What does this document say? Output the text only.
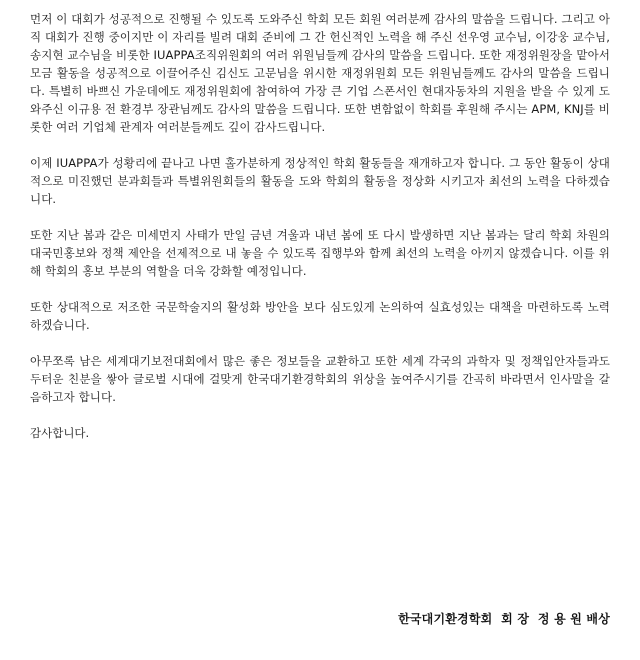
먼저 이 대회가 성공적으로 진행될 수 있도록 도와주신 학회 모든 회원 여러분께 감사의 말씀을 드립니다. 그리고 아직 대회가 진행 중이지만 이 자리를 빌려 대회 준비에 그 간 헌신적인 노력을 해 주신 선우영 교수님, 이강웅 교수님, 송지현 교수님을 비롯한 IUAPPA조직위원회의 여러 위원님들께 감사의 말씀을 드립니다. 또한 재정위원장을 맡아서 모금 활동을 성공적으로 이끌어주신 김신도 고문님을 위시한 재정위원회 모든 위원님들께도 감사의 말씀을 드립니다. 특별히 바쁘신 가운데에도 재정위원회에 참여하여 가장 큰 기업 스폰서인 현대자동차의 지원을 받을 수 있게 도와주신 이규용 전 환경부 장관님께도 감사의 말씀을 드립니다. 또한 변함없이 학회를 후원해 주시는 APM, KNJ를 비롯한 여러 기업체 관계자 여러분들께도 깊이 감사드립니다.

이제 IUAPPA가 성황리에 끝나고 나면 홀가분하게 정상적인 학회 활동들을 재개하고자 합니다. 그 동안 활동이 상대적으로 미진했던 분과회들과 특별위원회들의 활동을 도와 학회의 활동을 정상화 시키고자 최선의 노력을 다하겠습니다.

또한 지난 봄과 같은 미세먼지 사태가 만일 금년 겨울과 내년 봄에 또 다시 발생하면 지난 봄과는 달리 학회 차원의 대국민홍보와 정책 제안을 선제적으로 내 놓을 수 있도록 집행부와 함께 최선의 노력을 아끼지 않겠습니다. 이를 위해 학회의 홍보 부분의 역할을 더욱 강화할 예정입니다.

또한 상대적으로 저조한 국문학술지의 활성화 방안을 보다 심도있게 논의하여 실효성있는 대책을 마련하도록 노력하겠습니다.

아무쪼록 남은 세계대기보전대회에서 많은 좋은 정보들을 교환하고 또한 세계 각국의 과학자 및 정책입안자들과도 두터운 친분을 쌓아 글로벌 시대에 걸맞게 한국대기환경학회의 위상을 높여주시기를 간곡히 바라면서 인사말을 갈음하고자 합니다.

감사합니다.
한국대기환경학회  회 장  정 용 원 배상
